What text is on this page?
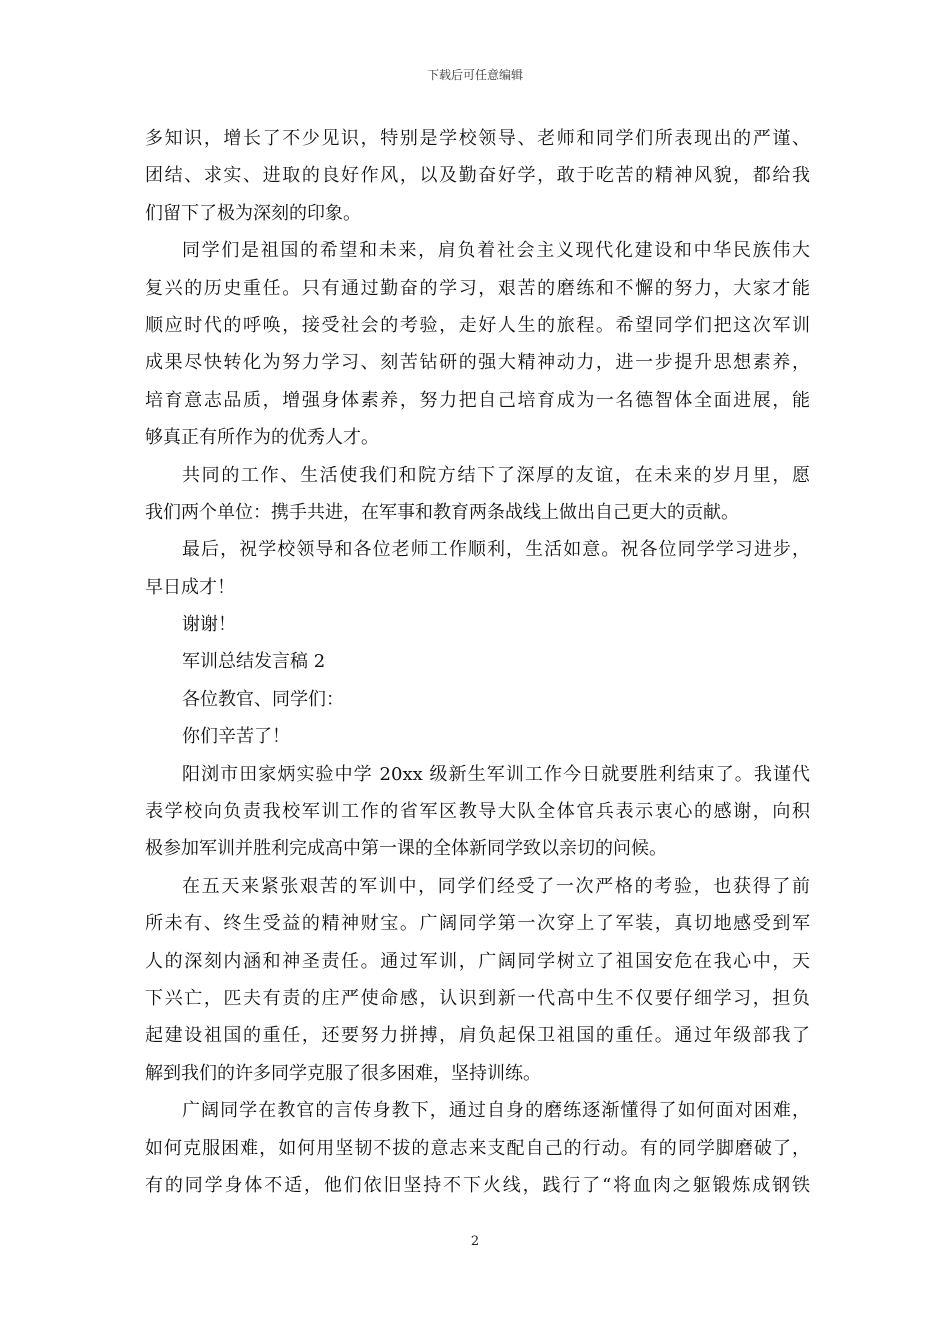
下载后可任意编辑
多知识，增长了不少见识，特别是学校领导、老师和同学们所表现出的严谨、
团结、求实、进取的良好作风，以及勤奋好学，敢于吃苦的精神风貌，都给我
们留下了极为深刻的印象。
同学们是祖国的希望和未来，肩负着社会主义现代化建设和中华民族伟大
复兴的历史重任。只有通过勤奋的学习，艰苦的磨练和不懈的努力，大家才能
顺应时代的呼唤，接受社会的考验，走好人生的旅程。希望同学们把这次军训
成果尽快转化为努力学习、刻苦钻研的强大精神动力，进一步提升思想素养，
培育意志品质，增强身体素养，努力把自己培育成为一名德智体全面进展，能
够真正有所作为的优秀人才。
共同的工作、生活使我们和院方结下了深厚的友谊，在未来的岁月里，愿
我们两个单位：携手共进，在军事和教育两条战线上做出自己更大的贡献。
最后，祝学校领导和各位老师工作顺利，生活如意。祝各位同学学习进步，
早日成才！
谢谢！
军训总结发言稿 2
各位教官、同学们：
你们辛苦了！
阳浏市田家炳实验中学 20xx 级新生军训工作今日就要胜利结束了。我谨代
表学校向负责我校军训工作的省军区教导大队全体官兵表示衷心的感谢，向积
极参加军训并胜利完成高中第一课的全体新同学致以亲切的问候。
在五天来紧张艰苦的军训中，同学们经受了一次严格的考验，也获得了前
所未有、终生受益的精神财宝。广阔同学第一次穿上了军装，真切地感受到军
人的深刻内涵和神圣责任。通过军训，广阔同学树立了祖国安危在我心中，天
下兴亡，匹夫有责的庄严使命感，认识到新一代高中生不仅要仔细学习，担负
起建设祖国的重任，还要努力拼搏，肩负起保卫祖国的重任。通过年级部我了
解到我们的许多同学克服了很多困难，坚持训练。
广阔同学在教官的言传身教下，通过自身的磨练逐渐懂得了如何面对困难，
如何克服困难，如何用坚韧不拔的意志来支配自己的行动。有的同学脚磨破了，
有的同学身体不适，他们依旧坚持不下火线，践行了“将血肉之躯锻炼成钢铁
2
